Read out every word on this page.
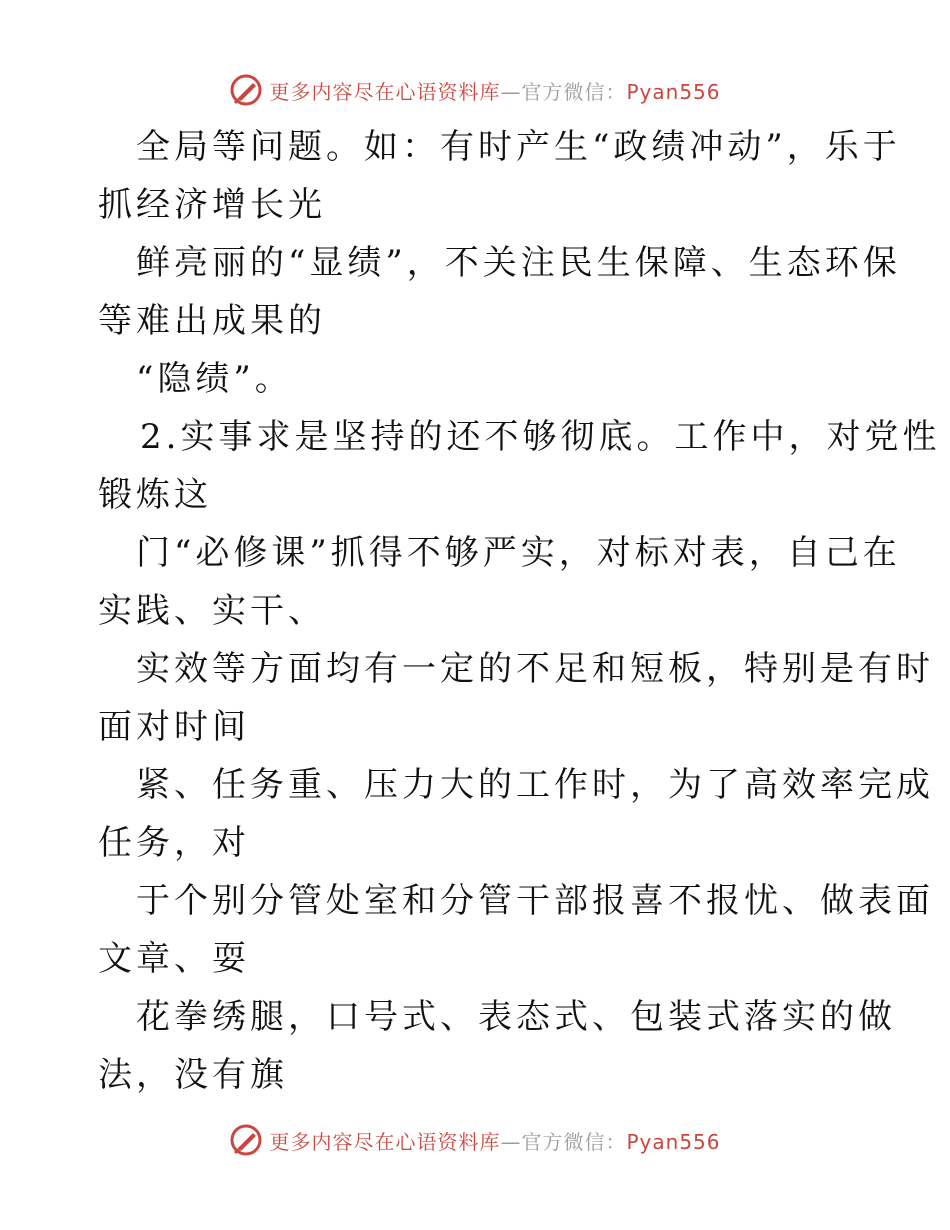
更多内容尽在心语资料库—官方微信：Pyan556
全局等问题。如：有时产生“政绩冲动”，乐于
抓经济增长光
鲜亮丽的“显绩”，不关注民生保障、生态环保
等难出成果的
“隐绩”。
2.实事求是坚持的还不够彻底。工作中，对党性
锻炼这
门“必修课”抓得不够严实，对标对表，自己在
实践、实干、
实效等方面均有一定的不足和短板，特别是有时
面对时间
紧、任务重、压力大的工作时，为了高效率完成
任务，对
于个别分管处室和分管干部报喜不报忧、做表面
文章、耍
花拳绣腿，口号式、表态式、包装式落实的做
法，没有旗
更多内容尽在心语资料库—官方微信：Pyan556
